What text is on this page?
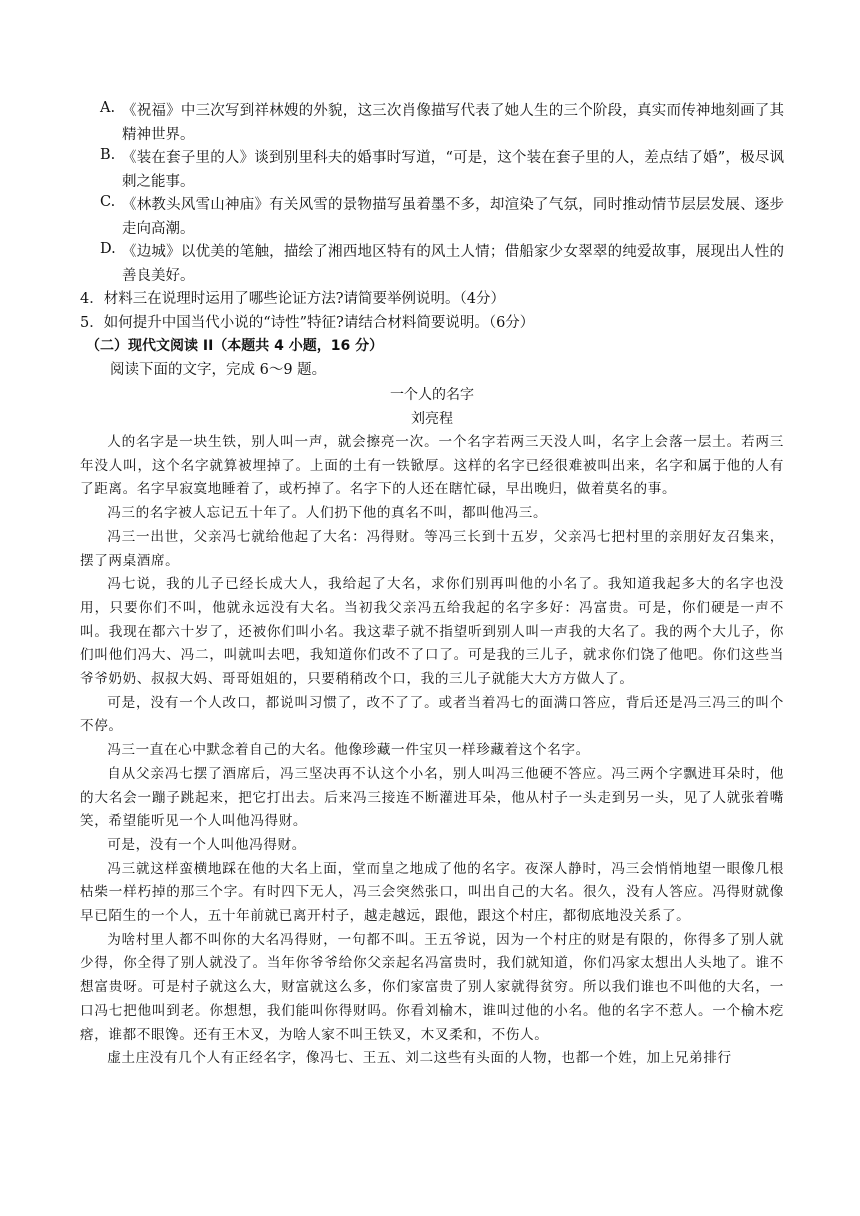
A. 《祝福》中三次写到祥林嫂的外貌，这三次肖像描写代表了她人生的三个阶段，真实而传神地刻画了其精神世界。
B. 《装在套子里的人》谈到别里科夫的婚事时写道，“可是，这个装在套子里的人，差点结了婚”，极尽讽刺之能事。
C. 《林教头风雪山神庙》有关风雪的景物描写虽着墨不多，却渲染了气氛，同时推动情节层层发展、逐步走向高潮。
D. 《边城》以优美的笔触，描绘了湘西地区特有的风土人情；借船家少女翠翠的纯爱故事，展现出人性的善良美好。

4．材料三在说理时运用了哪些论证方法?请简要举例说明。（4分）

5．如何提升中国当代小说的“诗性”特征?请结合材料简要说明。（6分）

（二）现代文阅读 II（本题共 4 小题，16 分）

阅读下面的文字，完成 6～9 题。

一个人的名字

刘亮程

人的名字是一块生铁，别人叫一声，就会擦亮一次。一个名字若两三天没人叫，名字上会落一层土。若两三年没人叫，这个名字就算被埋掉了。上面的土有一铁锨厚。这样的名字已经很难被叫出来，名字和属于他的人有了距离。名字早寂寞地睡着了，或朽掉了。名字下的人还在瞎忙碌，早出晚归，做着莫名的事。

冯三的名字被人忘记五十年了。人们扔下他的真名不叫，都叫他冯三。

冯三一出世，父亲冯七就给他起了大名：冯得财。等冯三长到十五岁，父亲冯七把村里的亲朋好友召集来，摆了两桌酒席。

冯七说，我的儿子已经长成大人，我给起了大名，求你们别再叫他的小名了。我知道我起多大的名字也没用，只要你们不叫，他就永远没有大名。当初我父亲冯五给我起的名字多好：冯富贵。可是，你们硬是一声不叫。我现在都六十岁了，还被你们叫小名。我这辈子就不指望听到别人叫一声我的大名了。我的两个大儿子，你们叫他们冯大、冯二，叫就叫去吧，我知道你们改不了口了。可是我的三儿子，就求你们饶了他吧。你们这些当爷爷奶奶、叔叔大妈、哥哥姐姐的，只要稍稍改个口，我的三儿子就能大大方方做人了。

可是，没有一个人改口，都说叫习惯了，改不了了。或者当着冯七的面满口答应，背后还是冯三冯三的叫个不停。

冯三一直在心中默念着自己的大名。他像珍藏一件宝贝一样珍藏着这个名字。

自从父亲冯七摆了酒席后，冯三坚决再不认这个小名，别人叫冯三他硬不答应。冯三两个字飘进耳朵时，他的大名会一蹦子跳起来，把它打出去。后来冯三接连不断灌进耳朵，他从村子一头走到另一头，见了人就张着嘴笑，希望能听见一个人叫他冯得财。

可是，没有一个人叫他冯得财。

冯三就这样蛮横地踩在他的大名上面，堂而皇之地成了他的名字。夜深人静时，冯三会悄悄地望一眼像几根枯柴一样朽掉的那三个字。有时四下无人，冯三会突然张口，叫出自己的大名。很久，没有人答应。冯得财就像早已陌生的一个人，五十年前就已离开村子，越走越远，跟他，跟这个村庄，都彻底地没关系了。

为啥村里人都不叫你的大名冯得财，一句都不叫。王五爷说，因为一个村庄的财是有限的，你得多了别人就少得，你全得了别人就没了。当年你爷爷给你父亲起名冯富贵时，我们就知道，你们冯家太想出人头地了。谁不想富贵呀。可是村子就这么大，财富就这么多，你们家富贵了别人家就得贫穷。所以我们谁也不叫他的大名，一口冯七把他叫到老。你想想，我们能叫你得财吗。你看刘榆木，谁叫过他的小名。他的名字不惹人。一个榆木疙瘩，谁都不眼馋。还有王木叉，为啥人家不叫王铁叉，木叉柔和，不伤人。

虚土庄没有几个人有正经名字，像冯七、王五、刘二这些有头面的人物，也都一个姓，加上兄弟排行
